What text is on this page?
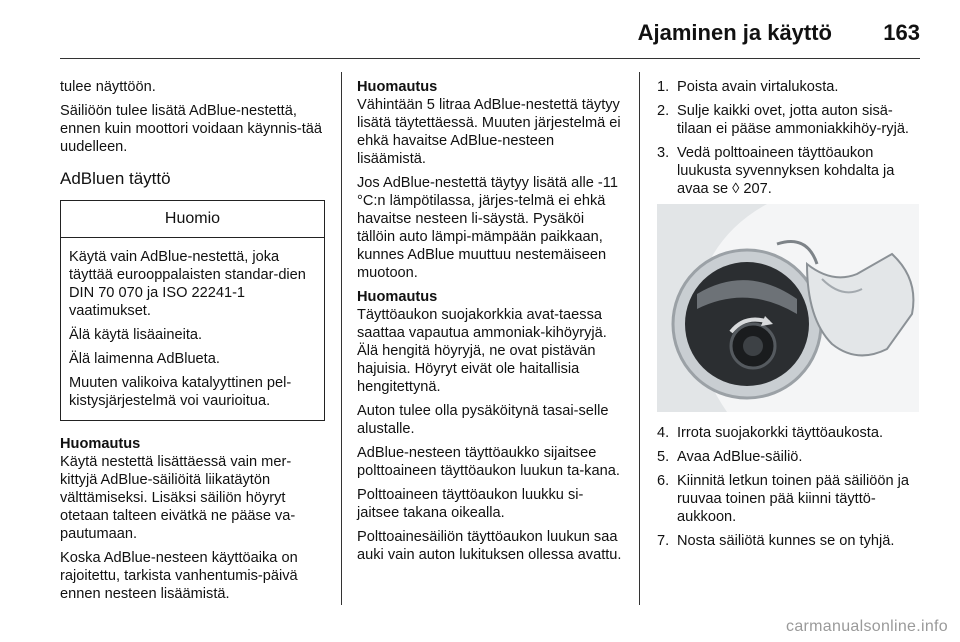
Ajaminen ja käyttö 163

tulee näyttöön.

Säiliöön tulee lisätä AdBlue-nestettä, ennen kuin moottori voidaan käynnis-tää uudelleen.

AdBluen täyttö

Huomio

Käytä vain AdBlue-nestettä, joka täyttää eurooppalaisten standar-dien DIN 70 070 ja ISO 22241-1 vaatimukset.

Älä käytä lisäaineita.

Älä laimenna AdBlueta.

Muuten valikoiva katalyyttinen pel-kistysjärjestelmä voi vaurioitua.

Huomautus

Käytä nestettä lisättäessä vain mer-kittyjä AdBlue-säiliöitä liikatäytön välttämiseksi. Lisäksi säiliön höyryt otetaan talteen eivätkä ne pääse va-pautumaan.

Koska AdBlue-nesteen käyttöaika on rajoitettu, tarkista vanhentumis-päivä ennen nesteen lisäämistä.

Huomautus

Vähintään 5 litraa AdBlue-nestettä täytyy lisätä täytettäessä. Muuten järjestelmä ei ehkä havaitse AdBlue-nesteen lisäämistä.

Jos AdBlue-nestettä täytyy lisätä alle -11 °C:n lämpötilassa, järjes-telmä ei ehkä havaitse nesteen li-säystä. Pysäköi tällöin auto lämpi-mämpään paikkaan, kunnes AdBlue muuttuu nestemäiseen muotoon.

Huomautus

Täyttöaukon suojakorkkia avat-taessa saattaa vapautua ammoniak-kihöyryjä. Älä hengitä höyryjä, ne ovat pistävän hajuisia. Höyryt eivät ole haitallisia hengitettynä.

Auton tulee olla pysäköitynä tasai-selle alustalle.

AdBlue-nesteen täyttöaukko sijaitsee polttoaineen täyttöaukon luukun ta-kana.

Polttoaineen täyttöaukon luukku si-jaitsee takana oikealla.

Polttoainesäiliön täyttöaukon luukun saa auki vain auton lukituksen ollessa avattu.

1. Poista avain virtalukosta.
2. Sulje kaikki ovet, jotta auton sisä-tilaan ei pääse ammoniakkihöy-ryjä.
3. Vedä polttoaineen täyttöaukon luukusta syvennyksen kohdalta ja avaa se ◊ 207.
4. Irrota suojakorkki täyttöaukosta.
5. Avaa AdBlue-säiliö.
6. Kiinnitä letkun toinen pää säiliöön ja ruuvaa toinen pää kiinni täyttö-aukkoon.
7. Nosta säiliötä kunnes se on tyhjä.
carmanualsonline.info
